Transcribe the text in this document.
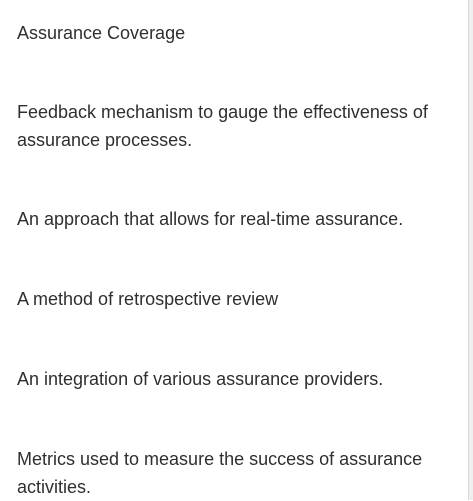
Assurance Coverage

Feedback mechanism to gauge the effectiveness of assurance processes.

An approach that allows for real-time assurance.

A method of retrospective review

An integration of various assurance providers.

Metrics used to measure the success of assurance activities.
